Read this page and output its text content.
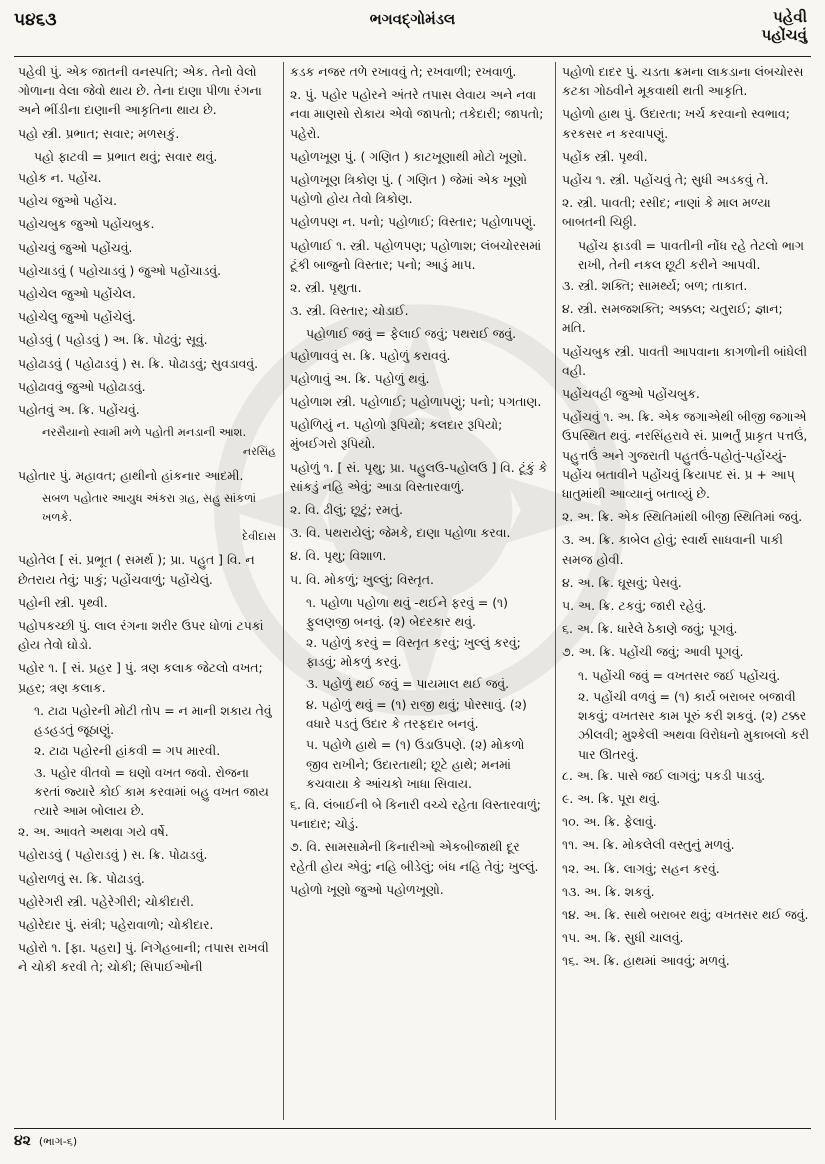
૫૪૬૩	ભગવદ્ગોમંડલ	પહેવી
પહોંચવું

પહેવી પું. એક જાતની વનસ્પતિ; એક. તેનો વેલો ગોળાના વેલા જેવો થાય છે. તેના દાણા પીળા રંગના અને ભીંડીના દાણાની આકૃતિના થાય છે.

પહો સ્ત્રી. પ્રભાત; સવાર; મળસકું.

પહો ફાટવી = પ્રભાત થવું; સવાર થવું.

પહોક ન. પહોંચ.

પહોચ જુઓ પહોંચ.

પહોચબુક જુઓ પહોંચબુક.

પહોચવું જુઓ પહોંચવું.

પહોચાડવું ( પહોચાડવું ) જુઓ પહોંચાડવું.

પહોચેલ જુઓ પહોંચેલ.

પહોચેલુ જુઓ પહોંચેલું.

પહોડવું ( પહોડવું ) અ. ક્રિ. પોઢવું; સૂવું.

પહોઢાડવું ( પહોઢાડવું ) સ. ક્રિ. પોઢાડવું; સુવડાવવું.

પહોઢાવવું જુઓ પહોઢાડવું.

પહોતવું અ. ક્રિ. પહોંચવું.

નરસૈયાનો સ્વામી મળે પહોતી મનડાની આશ.

નરસિંહ

પહોતાર પું. મહાવત; હાથીનો હાંકનાર આદમી.

સબળ પહોતાર આયુધ અંકરા ગ્રહ, સહુ સાંકળાં ખળકે.

દેવીદાસ

પહોતેલ [ સં. પ્રભૂત ( સમર્થ ); પ્રા. પહુત ] વિ. ન છેતરાય તેવું; પાકું; પહોંચવાળું; પહોંચેલું.

પહોની સ્ત્રી. પૃથ્વી.

પહોપકચ્છી પું. લાલ રંગના શરીર ઉપર ધોળાં ટપકાં હોય તેવો ઘોડો.

પહોર ૧. [ સં. પ્રહર ] પું. ત્રણ કલાક જેટલો વખત; પ્રહર; ત્રણ કલાક.

૧. ટાઢા પહોરની મોટી તોપ = ન માની શકાય તેવું હડહડતું જૂઠાણું.

૨. ટાઢા પહોરની હાંકવી = ગપ મારવી.

૩. પહોર વીતવો = ઘણો વખત જવો. રોજના કરતાં જ્યારે કોઈ કામ કરવામાં બહુ વખત જાય ત્યારે આમ બોલાય છે.

૨. અ. આવતે અથવા ગયે વર્ષે.

પહોરાડવું ( પહોરાડવું ) સ. ક્રિ. પોઢાડવું.

પહોરાળવું સ. ક્રિ. પોઢાડવું.

પહોરેગરી સ્ત્રી. પહેરેગીરી; ચોકીદારી.

પહોરેદાર પું. સંત્રી; પહેરાવાળો; ચોકીદાર.

પહોરો ૧. [ફા. પહરા] પું. નિગેહબાની; તપાસ રાખવી ને ચોકી કરવી તે; ચોકી; સિપાઈઓની

કડક નજર તળે રખાવવું તે; રખવાળી; રખવાળું.

૨. પું. પહોર પહોરને અંતરે તપાસ લેવાય અને નવા નવા માણસો રોકાય એવો જાપતો; તકેદારી; જાપતો; પહેરો.

પહોળખૂણ પું. ( ગણિત ) કાટખૂણાથી મોટો ખૂણો.

પહોળખૂણ ત્રિકોણ પું. ( ગણિત ) જેમાં એક ખૂણો પહોળો હોય તેવો ત્રિકોણ.

પહોળપણ ન. પનો; પહોળાઈ; વિસ્તાર; પહોળાપણું.

પહોળાઈ ૧. સ્ત્રી. પહોળપણ; પહોળાશ; લંબચોરસમાં ટૂંકી બાજુનો વિસ્તાર; પનો; આડું માપ.

૨. સ્ત્રી. પૃથુતા.

૩. સ્ત્રી. વિસ્તાર; ચોડાઈ.

પહોળાઈ જવું = ફેલાઈ જવું; પથરાઈ જવું.

પહોળાવવું સ. ક્રિ. પહોળું કરાવવું.

પહોળાવું અ. ક્રિ. પહોળું થવું.

પહોળાશ સ્ત્રી. પહોળાઈ; પહોળાપણું; પનો; પગતાણ.

પહોળિયું ન. પહોળો રૂપિયો; કલદાર રૂપિયો; મુંબઈગરો રૂપિયો.

પહોળું ૧. [ સં. પૃથુ; પ્રા. પહુલઉ-પહોલઉ ] વિ. ટૂંકું કે સાંકડું નહિ એવું; આડા વિસ્તારવાળું.

૨. વિ. ઢીલું; છૂટું; રમતું.

૩. વિ. પથરાયેલું; જેમકે, દાણા પહોળા કરવા.

૪. વિ. પૃથુ; વિશાળ.

૫. વિ. મોકળું; ખુલ્લું; વિસ્તૃત.

૧. પહોળા પહોળા થવું -થઈને ફરવું = (૧) ફુલણજી બનવું. (૨) બેદરકાર થવું.

૨. પહોળું કરવું = વિસ્તૃત કરવું; ખુલ્લું કરવું; ફાડવું; મોકળું કરવું.

૩. પહોળું થઈ જવું = પાયમાલ થઈ જવું.

૪. પહોળું થવું = (૧) રાજી થવું; પોરસાવું. (૨) વધારે પડતું ઉદાર કે તરફદાર બનવું.

૫. પહોળે હાથે = (૧) ઉડાઉપણે. (૨) મોકળો જીવ રાખીને; ઉદારતાથી; છૂટે હાથે; મનમાં કચવાયા કે આંચકો ખાધા સિવાય.

૬. વિ. લંબાઈની બે કિનારી વચ્ચે રહેતા વિસ્તારવાળું; પનાદાર; ચોડું.

૭. વિ. સામસામેની કિનારીઓ એકબીજાથી દૂર રહેતી હોય એવું; નહિ બીડેલું; બંધ નહિ તેવું; ખુલ્લું.

પહોળો ખૂણો જુઓ પહોળખૂણો.

પહોળો દાદર પું. ચડતા ક્રમના લાકડાના લંબચોરસ કટકા ગોઠવીને મૂકવાથી થતી આકૃતિ.

પહોળો હાથ પું. ઉદારતા; ખર્ચ કરવાનો સ્વભાવ; કરકસર ન કરવાપણું.

પહોંક સ્ત્રી. પૃથ્વી.

પહોંચ ૧. સ્ત્રી. પહોંચવું તે; સુધી અડકવું તે.

૨. સ્ત્રી. પાવતી; રસીદ; નાણાં કે માલ મળ્યા બાબતની ચિઠ્ઠી.

પહોંચ ફાડવી = પાવતીની નોંધ રહે તેટલો ભાગ રાખી, તેની નકલ છૂટી કરીને આપવી.

૩. સ્ત્રી. શક્તિ; સામર્થ્ય; બળ; તાકાત.

૪. સ્ત્રી. સમજશક્તિ; અક્કલ; ચતુરાઈ; જ્ઞાન; મતિ.

પહોંચબુક સ્ત્રી. પાવતી આપવાના કાગળોની બાંધેલી વહી.

પહોંચવહી જુઓ પહોંચબુક.

પહોંચવું ૧. અ. ક્રિ. એક જગાએથી બીજી જગાએ ઉપસ્થિત થવું. નરસિંહરાવે સં. પ્રાભર્તું પ્રાકૃત પત્તઉં, પહુત્તઉં અને ગુજરાતી પહુતઉં-પહોતું-પહોંચ્યું-પહોંચ બતાવીને પહોંચવું ક્રિયાપદ સં. પ્ર + આપ્ ધાતુમાંથી આવ્યાનું બતાવ્યું છે.

૨. અ. ક્રિ. એક સ્થિતિમાંથી બીજી સ્થિતિમાં જવું.

૩. અ. ક્રિ. કાબેલ હોવું; સ્વાર્થ સાધવાની પાકી સમજ હોવી.

૪. અ. ક્રિ. ઘૂસવું; પેસવું.

૫. અ. ક્રિ. ટકવું; જારી રહેવું.

૬. અ. ક્રિ. ધારેલે ઠેકાણે જવું; પૂગવું.

૭. અ. ક્રિ. પહોંચી જવું; આવી પૂગવું.

૧. પહોંચી જવું = વખતસર જઈ પહોંચવું.

૨. પહોંચી વળવું = (૧) કાર્ય બરાબર બજાવી શકવું; વખતસર કામ પૂરું કરી શકવું. (૨) ટક્કર ઝીલવી; મુશ્કેલી અથવા વિરોધનો મુકાબલો કરી પાર ઊતરવું.

૮. અ. ક્રિ. પાસે જઈ લાગવું; પકડી પાડવું.

૯. અ. ક્રિ. પૂરા થવું.

૧૦. અ. ક્રિ. ફેલાવું.

૧૧. અ. ક્રિ. મોકલેલી વસ્તુનું મળવું.

૧૨. અ. ક્રિ. લાગવું; સહન કરવું.

૧૩. અ. ક્રિ. શકવું.

૧૪. અ. ક્રિ. સાથે બરાબર થવું; વખતસર થઈ જવું.

૧૫. અ. ક્રિ. સુધી ચાલવું.

૧૬. અ. ક્રિ. હાથમાં આવવું; મળવું.

૪૨ (ભાગ-૬)
